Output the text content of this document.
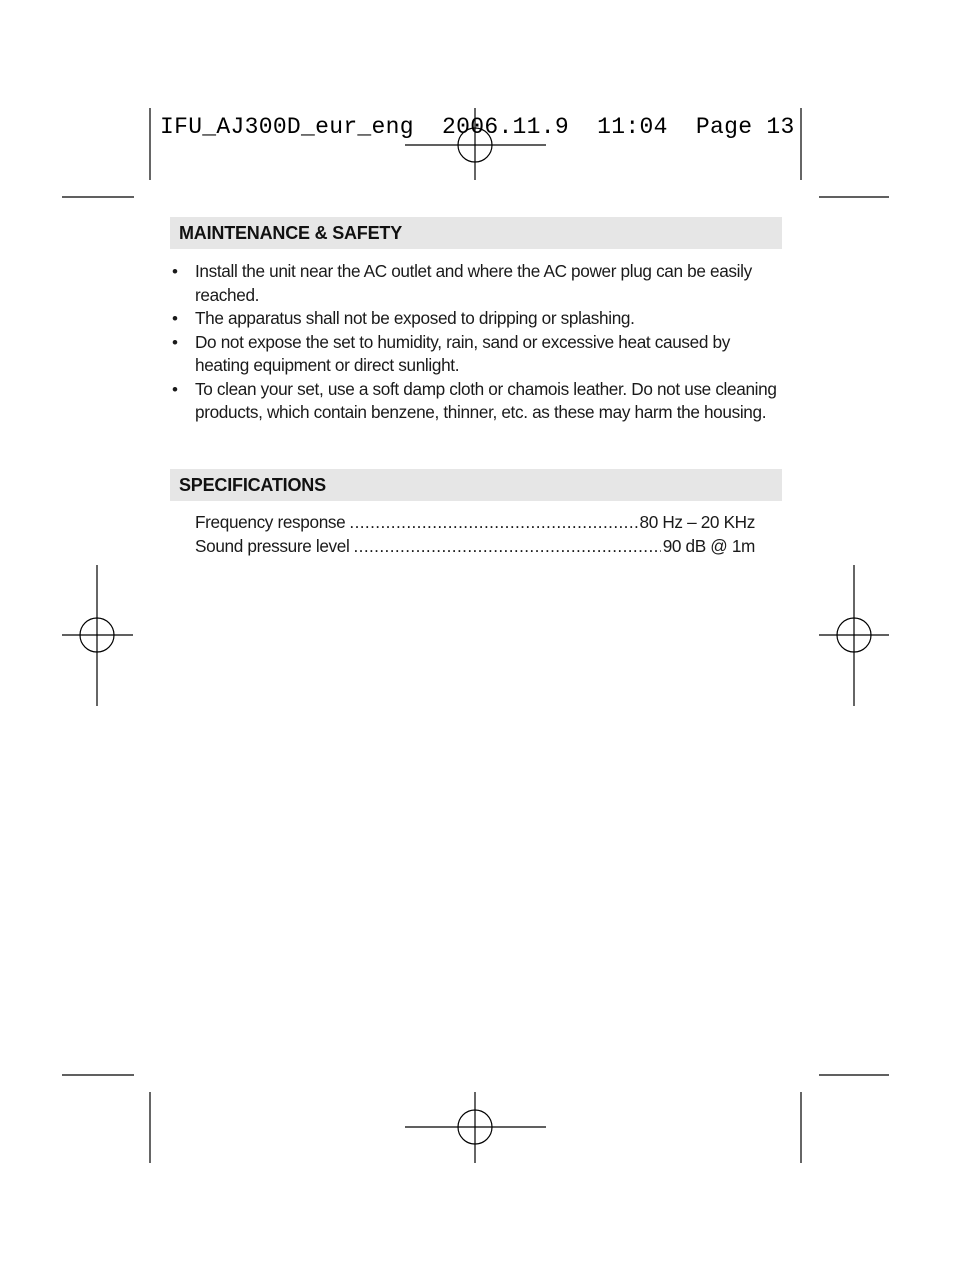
IFU_AJ300D_eur_eng  2006.11.9  11:04  Page 13
MAINTENANCE & SAFETY
• Install the unit near the AC outlet and where the AC power plug can be easily reached.
• The apparatus shall not be exposed to dripping or splashing.
• Do not expose the set to humidity, rain, sand or excessive heat caused by heating equipment or direct sunlight.
• To clean your set, use a soft damp cloth or chamois leather. Do not use cleaning products, which contain benzene, thinner, etc. as these may harm the housing.
SPECIFICATIONS
Frequency response .....	80 Hz – 20 KHz
Sound pressure level .....	90 dB @ 1m
